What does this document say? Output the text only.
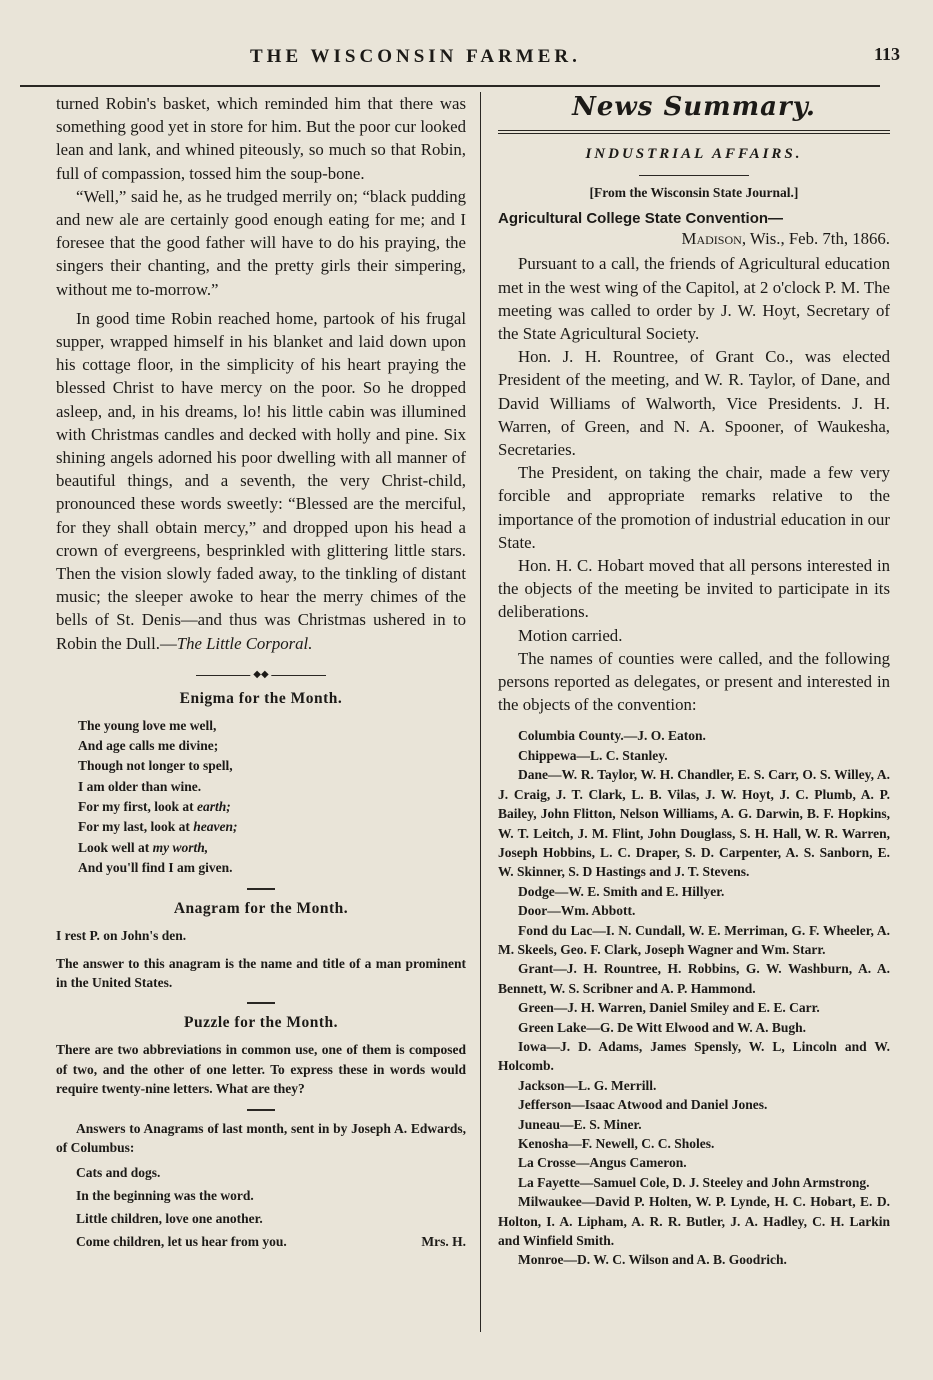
THE WISCONSIN FARMER.	113

turned Robin's basket, which reminded him that there was something good yet in store for him. But the poor cur looked lean and lank, and whined piteously, so much so that Robin, full of compassion, tossed him the soup-bone.

“Well,” said he, as he trudged merrily on; “black pudding and new ale are certainly good enough eating for me; and I foresee that the good father will have to do his praying, the singers their chanting, and the pretty girls their simpering, without me to-morrow.”

In good time Robin reached home, partook of his frugal supper, wrapped himself in his blanket and laid down upon his cottage floor, in the simplicity of his heart praying the blessed Christ to have mercy on the poor. So he dropped asleep, and, in his dreams, lo! his little cabin was illumined with Christmas candles and decked with holly and pine. Six shining angels adorned his poor dwelling with all manner of beautiful things, and a seventh, the very Christ-child, pronounced these words sweetly: “Blessed are the merciful, for they shall obtain mercy,” and dropped upon his head a crown of evergreens, besprinkled with glittering little stars. Then the vision slowly faded away, to the tinkling of distant music; the sleeper awoke to hear the merry chimes of the bells of St. Denis—and thus was Christmas ushered in to Robin the Dull.—The Little Corporal.

◆◆
Enigma for the Month.
The young love me well,
And age calls me divine;
Though not longer to spell,
I am older than wine.
For my first, look at earth;
For my last, look at heaven;
Look well at my worth,
And you'll find I am given.
Anagram for the Month.

I rest P. on John's den.

The answer to this anagram is the name and title of a man prominent in the United States.

Puzzle for the Month.

There are two abbreviations in common use, one of them is composed of two, and the other of one letter. To express these in words would require twenty-nine letters. What are they?

Answers to Anagrams of last month, sent in by Joseph A. Edwards, of Columbus:

Cats and dogs.
In the beginning was the word.
Little children, love one another.
Come children, let us hear from you.	Mrs. H.
News Summary.
INDUSTRIAL AFFAIRS.
[From the Wisconsin State Journal.]
Agricultural College State Convention—
Madison, Wis., Feb. 7th, 1866.

Pursuant to a call, the friends of Agricultural education met in the west wing of the Capitol, at 2 o'clock P. M. The meeting was called to order by J. W. Hoyt, Secretary of the State Agricultural Society.

Hon. J. H. Rountree, of Grant Co., was elected President of the meeting, and W. R. Taylor, of Dane, and David Williams of Walworth, Vice Presidents. J. H. Warren, of Green, and N. A. Spooner, of Waukesha, Secretaries.

The President, on taking the chair, made a few very forcible and appropriate remarks relative to the importance of the promotion of industrial education in our State.

Hon. H. C. Hobart moved that all persons interested in the objects of the meeting be invited to participate in its deliberations.

Motion carried.

The names of counties were called, and the following persons reported as delegates, or present and interested in the objects of the convention:

Columbia County.—J. O. Eaton.

Chippewa—L. C. Stanley.

Dane—W. R. Taylor, W. H. Chandler, E. S. Carr, O. S. Willey, A. J. Craig, J. T. Clark, L. B. Vilas, J. W. Hoyt, J. C. Plumb, A. P. Bailey, John Flitton, Nelson Williams, A. G. Darwin, B. F. Hopkins, W. T. Leitch, J. M. Flint, John Douglass, S. H. Hall, W. R. Warren, Joseph Hobbins, L. C. Draper, S. D. Carpenter, A. S. Sanborn, E. W. Skinner, S. D Hastings and J. T. Stevens.

Dodge—W. E. Smith and E. Hillyer.

Door—Wm. Abbott.

Fond du Lac—I. N. Cundall, W. E. Merriman, G. F. Wheeler, A. M. Skeels, Geo. F. Clark, Joseph Wagner and Wm. Starr.

Grant—J. H. Rountree, H. Robbins, G. W. Washburn, A. A. Bennett, W. S. Scribner and A. P. Hammond.

Green—J. H. Warren, Daniel Smiley and E. E. Carr.

Green Lake—G. De Witt Elwood and W. A. Bugh.

Iowa—J. D. Adams, James Spensly, W. L, Lincoln and W. Holcomb.

Jackson—L. G. Merrill.

Jefferson—Isaac Atwood and Daniel Jones.

Juneau—E. S. Miner.

Kenosha—F. Newell, C. C. Sholes.

La Crosse—Angus Cameron.

La Fayette—Samuel Cole, D. J. Steeley and John Armstrong.

Milwaukee—David P. Holten, W. P. Lynde, H. C. Hobart, E. D. Holton, I. A. Lipham, A. R. R. Butler, J. A. Hadley, C. H. Larkin and Winfield Smith.

Monroe—D. W. C. Wilson and A. B. Goodrich.
